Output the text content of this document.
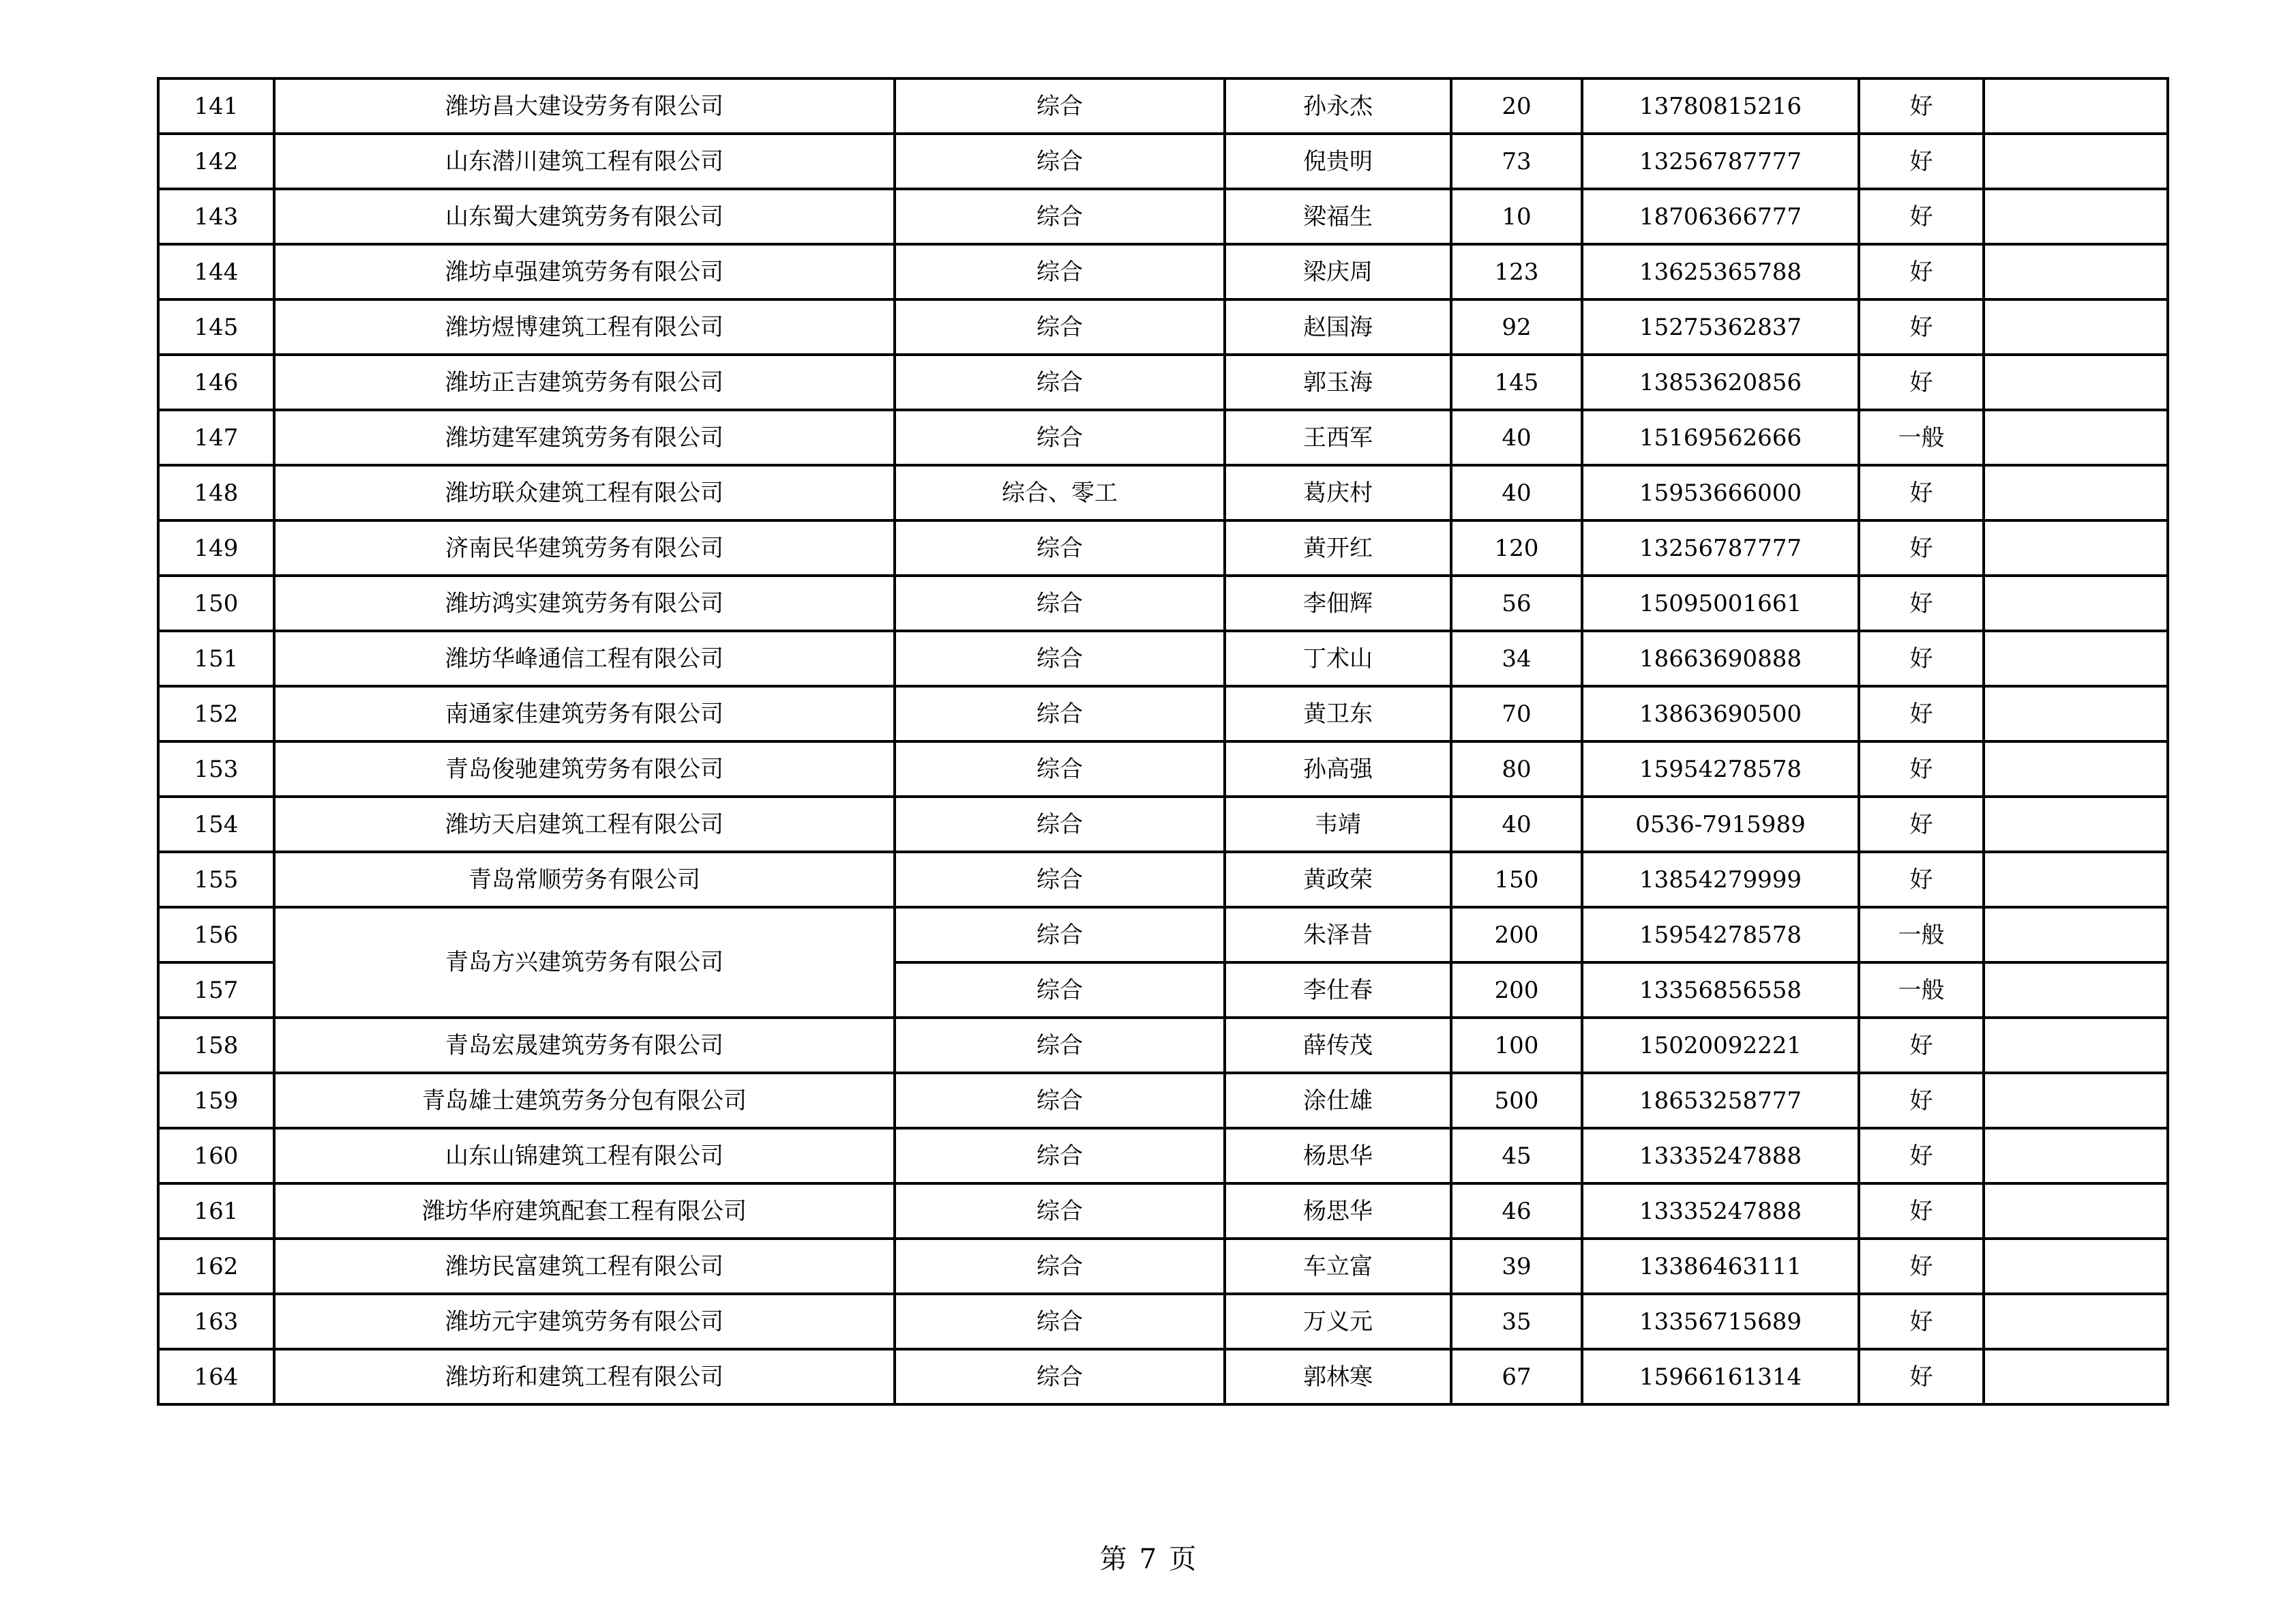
141	潍坊昌大建设劳务有限公司	综合	孙永杰	20	13780815216	好	
142	山东潜川建筑工程有限公司	综合	倪贵明	73	13256787777	好	
143	山东蜀大建筑劳务有限公司	综合	梁福生	10	18706366777	好	
144	潍坊卓强建筑劳务有限公司	综合	梁庆周	123	13625365788	好	
145	潍坊煜博建筑工程有限公司	综合	赵国海	92	15275362837	好	
146	潍坊正吉建筑劳务有限公司	综合	郭玉海	145	13853620856	好	
147	潍坊建军建筑劳务有限公司	综合	王西军	40	15169562666	一般	
148	潍坊联众建筑工程有限公司	综合、零工	葛庆村	40	15953666000	好	
149	济南民华建筑劳务有限公司	综合	黄开红	120	13256787777	好	
150	潍坊鸿实建筑劳务有限公司	综合	李佃辉	56	15095001661	好	
151	潍坊华峰通信工程有限公司	综合	丁术山	34	18663690888	好	
152	南通家佳建筑劳务有限公司	综合	黄卫东	70	13863690500	好	
153	青岛俊驰建筑劳务有限公司	综合	孙高强	80	15954278578	好	
154	潍坊天启建筑工程有限公司	综合	韦靖	40	0536-7915989	好	
155	青岛常顺劳务有限公司	综合	黄政荣	150	13854279999	好	
156	青岛方兴建筑劳务有限公司	综合	朱泽昔	200	15954278578	一般	
157		综合	李仕春	200	13356856558	一般	
158	青岛宏晟建筑劳务有限公司	综合	薛传茂	100	15020092221	好	
159	青岛雄士建筑劳务分包有限公司	综合	涂仕雄	500	18653258777	好	
160	山东山锦建筑工程有限公司	综合	杨思华	45	13335247888	好	
161	潍坊华府建筑配套工程有限公司	综合	杨思华	46	13335247888	好	
162	潍坊民富建筑工程有限公司	综合	车立富	39	13386463111	好	
163	潍坊元宇建筑劳务有限公司	综合	万义元	35	13356715689	好	
164	潍坊珩和建筑工程有限公司	综合	郭林寒	67	15966161314	好	
第 7 页
